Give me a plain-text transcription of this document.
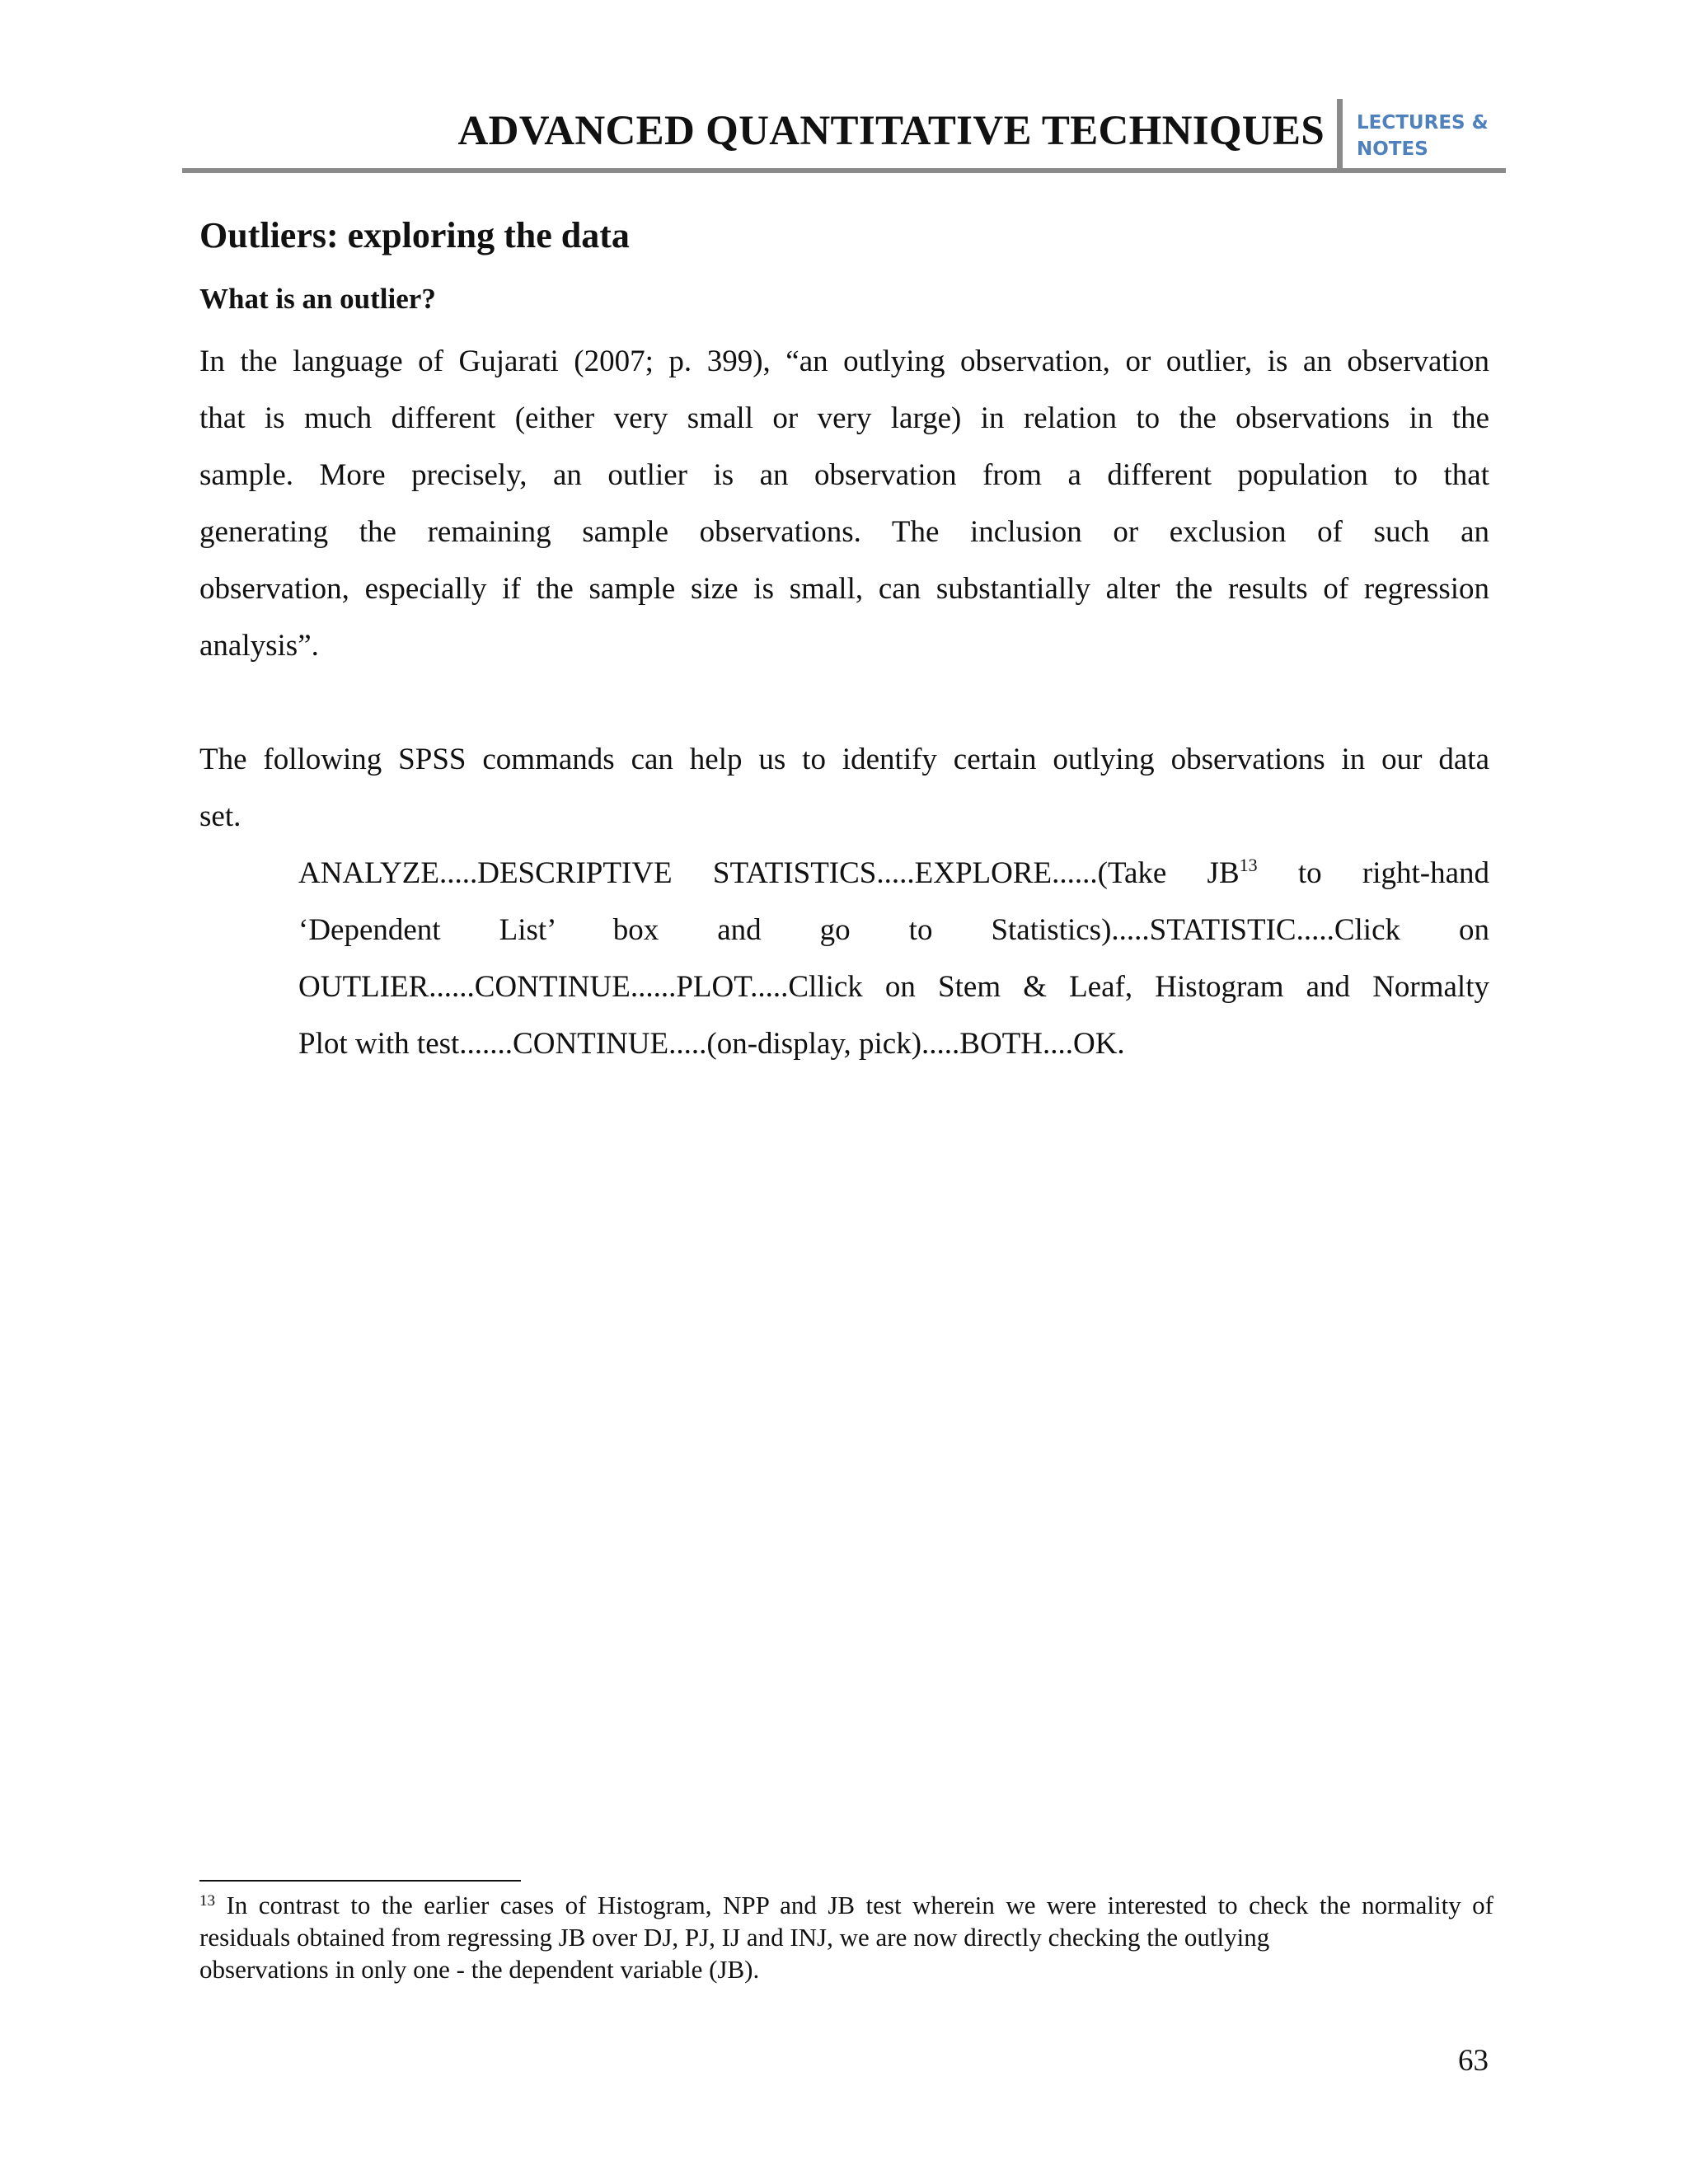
ADVANCED QUANTITATIVE TECHNIQUES LECTURES &
NOTES
Outliers: exploring the data
What is an outlier?
In the language of Gujarati (2007; p. 399), “an outlying observation, or outlier, is an observation
that is much different (either very small or very large) in relation to the observations in the
sample. More precisely, an outlier is an observation from a different population to that
generating the remaining sample observations. The inclusion or exclusion of such an
observation, especially if the sample size is small, can substantially alter the results of regression
analysis”.
The following SPSS commands can help us to identify certain outlying observations in our data
set.
ANALYZE.....DESCRIPTIVE STATISTICS.....EXPLORE......(Take JB$^{13}$ to right-hand
‘Dependent List’ box and go to Statistics).....STATISTIC.....Click on
OUTLIER......CONTINUE......PLOT.....Cllick on Stem & Leaf, Histogram and Normalty
Plot with test.......CONTINUE.....(on-display, pick).....BOTH....OK.
$^{13}$ In contrast to the earlier cases of Histogram, NPP and JB test wherein we were interested to check the normality of
residuals obtained from regressing JB over DJ, PJ, IJ and INJ, we are now directly checking the outlying
observations in only one - the dependent variable (JB).
63
